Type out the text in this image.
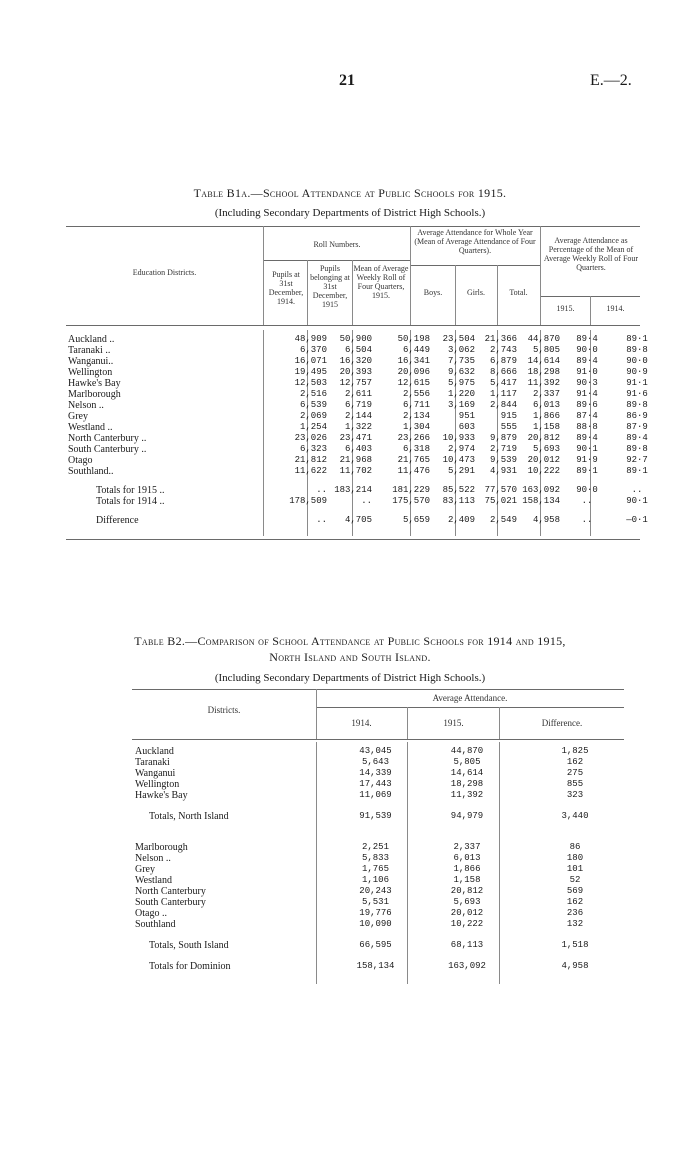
21	E.—2.
Table B1a.—School Attendance at Public Schools for 1915.
(Including Secondary Departments of District High Schools.)
Education Districts.
Roll Numbers.
Average Attendance for Whole Year (Mean of Average Attendance of Four Quarters).
Average Attendance as Percentage of the Mean of Average Weekly Roll of Four Quarters.
Pupils at 31st December, 1914.
Pupils belonging at 31st December, 1915
Mean of Average Weekly Roll of Four Quarters, 1915.	Boys.	Girls.	Total.
1915.	1914.
Auckland ..	48,909	50,900	50,198	23,504	21,366	44,870	89·4	89·1
Taranaki ..	6,370	6,504	6,449	3,062	2,743	5,805	90·0	89·8
Wanganui..	16,071	16,320	16,341	7,735	6,879	14,614	89·4	90·0
Wellington	19,495	20,393	20,096	9,632	8,666	18,298	91·0	90·9
Hawke's Bay	12,503	12,757	12,615	5,975	5,417	11,392	90·3	91·1
Marlborough	2,516	2,611	2,556	1,220	1,117	2,337	91·4	91·6
Nelson ..	6,539	6,719	6,711	3,169	2,844	6,013	89·6	89·8
Grey	2,069	2,144	2,134	951	915	1,866	87·4	86·9
Westland ..	1,254	1,322	1,304	603	555	1,158	88·8	87·9
North Canterbury ..	23,026	23,471	23,266	10,933	9,879	20,812	89·4	89·4
South Canterbury ..	6,323	6,403	6,318	2,974	2,719	5,693	90·1	89·8
Otago	21,812	21,968	21,765	10,473	9,539	20,012	91·9	92·7
Southland..	11,622	11,702	11,476	5,291	4,931	10,222	89·1	89·1

Totals for 1915 ..	..	183,214	181,229	85,522	77,570	163,092	90·0	..
Totals for 1914 ..	178,509	..	175,570	83,113	75,021	158,134	..	90·1

Difference	..	4,705	5,659	2,409	2,549	4,958	..	—0·1
Table B2.—Comparison of School Attendance at Public Schools for 1914 and 1915,
North Island and South Island.
(Including Secondary Departments of District High Schools.)
Districts.
Average Attendance.
1914.	1915.	Difference.
Auckland	43,045	44,870	1,825
Taranaki	5,643	5,805	162
Wanganui	14,339	14,614	275
Wellington	17,443	18,298	855
Hawke's Bay	11,069	11,392	323

Totals, North Island	91,539	94,979	3,440

Marlborough	2,251	2,337	86
Nelson ..	5,833	6,013	180
Grey	1,765	1,866	101
Westland	1,106	1,158	52
North Canterbury	20,243	20,812	569
South Canterbury	5,531	5,693	162
Otago ..	19,776	20,012	236
Southland	10,090	10,222	132

Totals, South Island	66,595	68,113	1,518

Totals for Dominion	158,134	163,092	4,958
